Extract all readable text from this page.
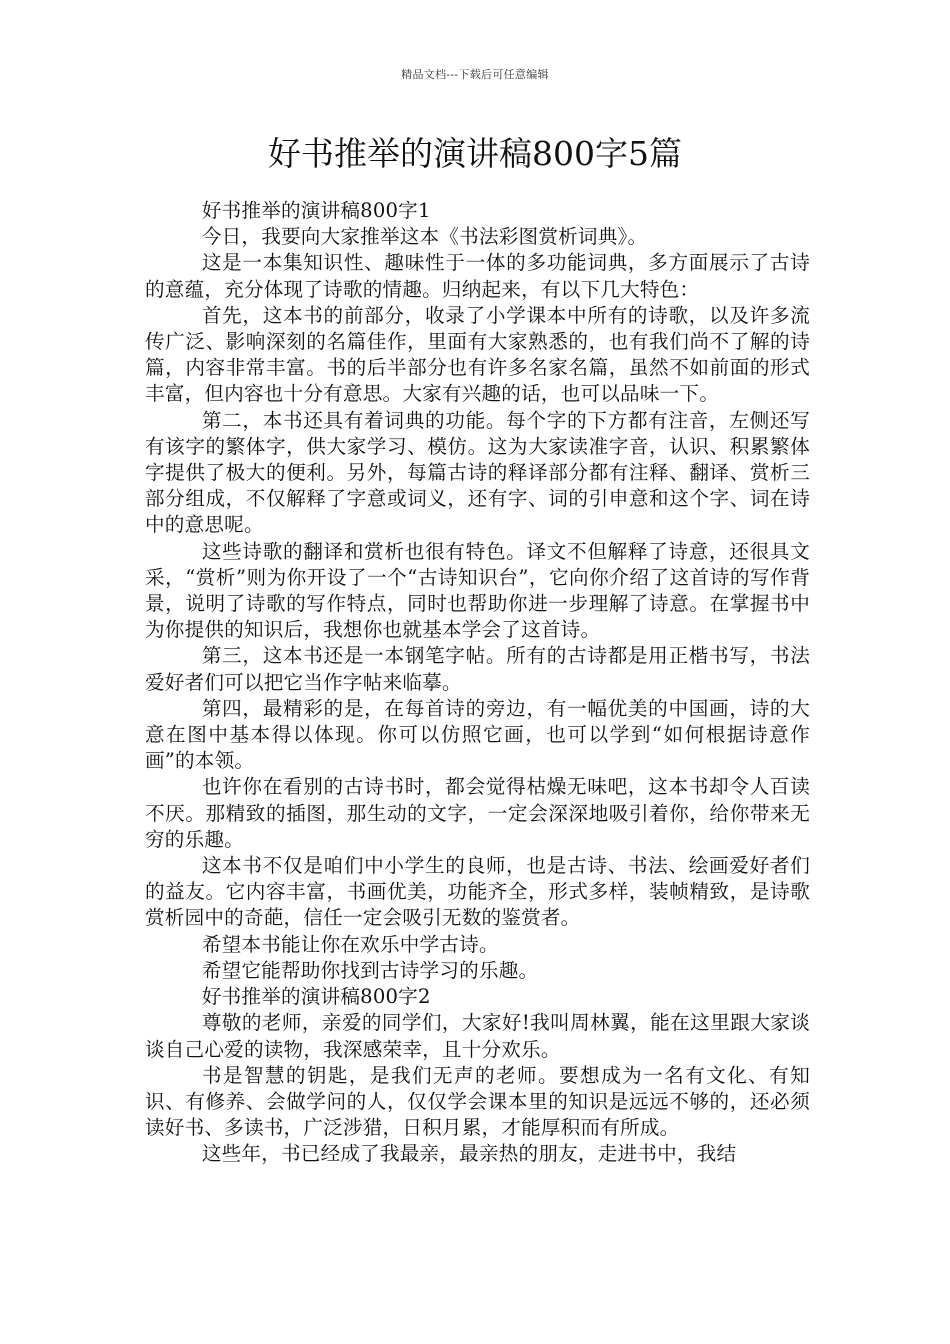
精品文档---下载后可任意编辑
好书推举的演讲稿800字5篇

好书推举的演讲稿800字1

今日，我要向大家推举这本《书法彩图赏析词典》。

这是一本集知识性、趣味性于一体的多功能词典，多方面展示了古诗的意蕴，充分体现了诗歌的情趣。归纳起来，有以下几大特色：

首先，这本书的前部分，收录了小学课本中所有的诗歌，以及许多流传广泛、影响深刻的名篇佳作，里面有大家熟悉的，也有我们尚不了解的诗篇，内容非常丰富。书的后半部分也有许多名家名篇，虽然不如前面的形式丰富，但内容也十分有意思。大家有兴趣的话，也可以品味一下。

第二，本书还具有着词典的功能。每个字的下方都有注音，左侧还写有该字的繁体字，供大家学习、模仿。这为大家读准字音，认识、积累繁体字提供了极大的便利。另外，每篇古诗的释译部分都有注释、翻译、赏析三部分组成，不仅解释了字意或词义，还有字、词的引申意和这个字、词在诗中的意思呢。

这些诗歌的翻译和赏析也很有特色。译文不但解释了诗意，还很具文采，“赏析”则为你开设了一个“古诗知识台”，它向你介绍了这首诗的写作背景，说明了诗歌的写作特点，同时也帮助你进一步理解了诗意。在掌握书中为你提供的知识后，我想你也就基本学会了这首诗。

第三，这本书还是一本钢笔字帖。所有的古诗都是用正楷书写，书法爱好者们可以把它当作字帖来临摹。

第四，最精彩的是，在每首诗的旁边，有一幅优美的中国画，诗的大意在图中基本得以体现。你可以仿照它画，也可以学到“如何根据诗意作画”的本领。

也许你在看别的古诗书时，都会觉得枯燥无味吧，这本书却令人百读不厌。那精致的插图，那生动的文字，一定会深深地吸引着你，给你带来无穷的乐趣。

这本书不仅是咱们中小学生的良师，也是古诗、书法、绘画爱好者们的益友。它内容丰富，书画优美，功能齐全，形式多样，装帧精致，是诗歌赏析园中的奇葩，信任一定会吸引无数的鉴赏者。

希望本书能让你在欢乐中学古诗。

希望它能帮助你找到古诗学习的乐趣。

好书推举的演讲稿800字2

尊敬的老师，亲爱的同学们，大家好!我叫周林翼，能在这里跟大家谈谈自己心爱的读物，我深感荣幸，且十分欢乐。

书是智慧的钥匙，是我们无声的老师。要想成为一名有文化、有知识、有修养、会做学问的人，仅仅学会课本里的知识是远远不够的，还必须读好书、多读书，广泛涉猎，日积月累，才能厚积而有所成。

这些年，书已经成了我最亲，最亲热的朋友，走进书中，我结
